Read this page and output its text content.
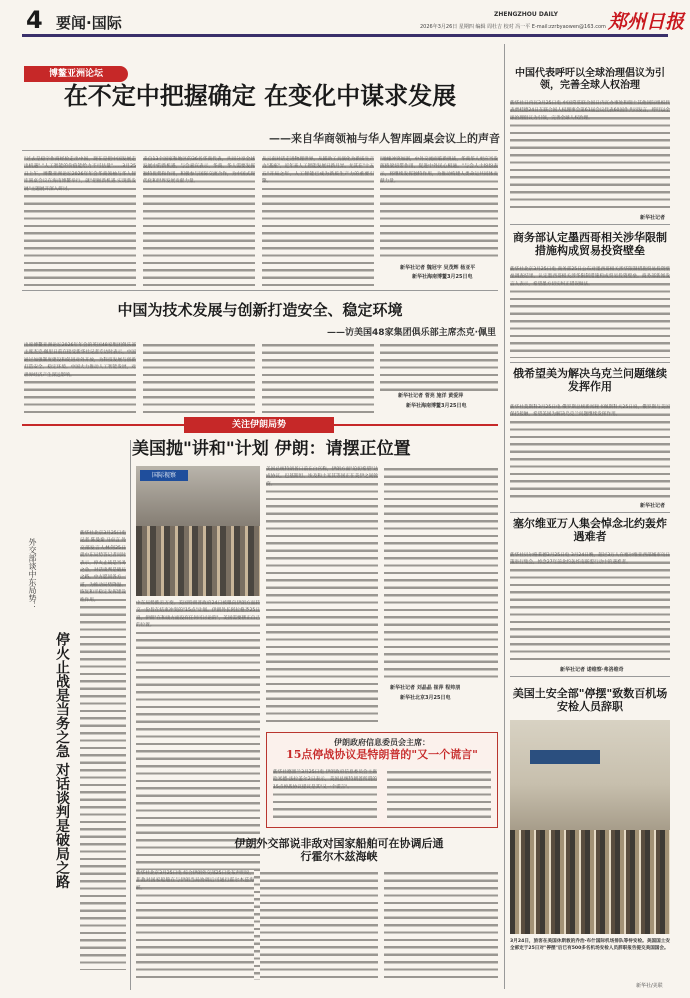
4 要闻·国际	2026年3月26日 星期四 编辑 周杜吉 校对 冯一平 E-mail:zzrbyaowen@163.com
ZHENGZHOU DAILY	郑州日报
博鳌亚洲论坛
在不定中把握确定 在变化中谋求发展
——来自华商领袖与华人智库圆桌会议上的声音
"过去是稳字作商经验走出中国，现在是把中国发展走出机遇" "人工智能的价值能给力不可估量"……3月25日上午，博鳌亚洲论坛2026年年会华商领袖与华人智库圆桌会议在海南博鳌举行，就"把握新机遇 实现新发展"主题展开深入研讨。
来自13个国家和地区的36名华商代表，共同分享全球发展中的新机遇，与会嘉宾表示，华商、华人需要发挥独特优势和作用，积极参与国际交流合作，为中国式现代化和世界发展贡献力量。
从云南对话走进物理世界，从辅助工具演化为新质生产力"基座"，近年来人工智能发展日新月异。尤其在"十五五"开局之年，人工智能已成为新质生产力的重要引擎。
"地缘冲突加剧，中外交流面临新挑战，华商华人更应当发挥桥梁纽带作用，促进中外民心相通。"与会人士纷纷表示，将继续发挥独特作用，为推动构建人类命运共同体贡献力量。
新华社记者 魏冠宇 吴茂辉 杨亚平
新华社海南博鳌3月25日电
中国为技术发展与创新打造安全、稳定环境
——访美国48家集团俱乐部主席杰克·佩里
出席博鳌亚洲论坛2026年年会的英国48家集团俱乐部主席杰克·佩里日前在接受新华社记者专访时表示，中国通过加强制度建设和促进对外开放，为科技发展与创新打造安全、稳定环境。中国大力推动人工智能发展，对世界经济产生深远影响。
新华社记者 菅亮 施洋 黄爱萍
新华社海南博鳌3月25日电
关注伊朗局势
美国抛"讲和"计划 伊朗：请摆正位置
外交部谈中东局势：
停火止战是当务之急 对话谈判是破局之路
新华社北京3月25日电 记者 陈曼秦 马卓言 外交部发言人林剑25日就中东局势答记者问时表示，停火止战是当务之急，对话谈判是破局之路。中方愿同各方一道，为推动局势降温、恢复和平稳定发挥建设性作用。
国际视察
中东局势跌宕万变。美国特朗普政府24日被曝向伊朗方面转交一份旨在结束冲突的"15点"计划。伊朗外长阿拉格齐25日说，伊朗"在和谈方面没有任何可讨论的"，美国需要摆正自己的位置。
美国总统特朗普日前在白宫称，伊朗方面"迫切希望"达成协议。巴基斯坦、埃及和土耳其等国正在美伊之间斡旋。
新华社记者 刘晶晶 崔萍 程帅朋
新华社北京3月25日电
伊朗政府信息委员会主席：
15点停战协议是特朗普的"又一个谎言"
新华社德黑兰3月25日电 伊朗政府信息委员会主席哈米德·法拉盖尔2日表示，美国总统特朗普所谓的15点停战协议提议是其"又一个谎言"。
伊朗外交部说非敌对国家船舶可在协调后通行霍尔木兹海峡
新华社北京3月25日电 综合伊朗外交部25日发布声明说，非敌对国家船舶在与伊朗当局协调后可通行霍尔木兹海峡。
中国代表呼吁以全球治理倡议为引领，完善全球人权治理
新华社日内瓦3月25日电 中国常驻联合国日内瓦办事处和瑞士其他国际组织代表贾桂德24日在联合国人权理事会第61届会议代表60国作共同发言，呼吁以全球治理倡议为引领，完善全球人权治理。
新华社记者
商务部认定墨西哥相关涉华限制措施构成贸易投资壁垒
新华社北京3月25日电 商务部25日公布对墨西哥相关涉华限制措施贸易投资壁垒调查结果，认定墨西哥相关涉华限制措施构成贸易投资壁垒。商务部新闻发言人表示，希望墨方切实纠正错误做法。
俄希望美为解决乌克兰问题继续发挥作用
新华社莫斯科3月25日电 俄罗斯总统新闻秘书佩斯科夫25日说，俄罗斯与美国保持接触，希望美国为解决乌克兰问题继续发挥作用。
新华社记者
塞尔维亚万人集会悼念北约轰炸遇难者
新华社贝尔格莱德3月25日电 3月24日晚，超过3万人在塞尔维亚西部城市乌日策举行集会，悼念27年前北约轰炸南联盟行动中的遇难者。
新华社记者 诺维察·弗洛维奇
美国土安全部"停摆"致数百机场安检人员辞职
3月24日，旅客在美国休斯敦的乔治·布什国际机场排队等待安检。美国国土安全部定于25日对"停摆"后已有500多名机场安检人员辞职报告提交美国国会。
新华社/美联
